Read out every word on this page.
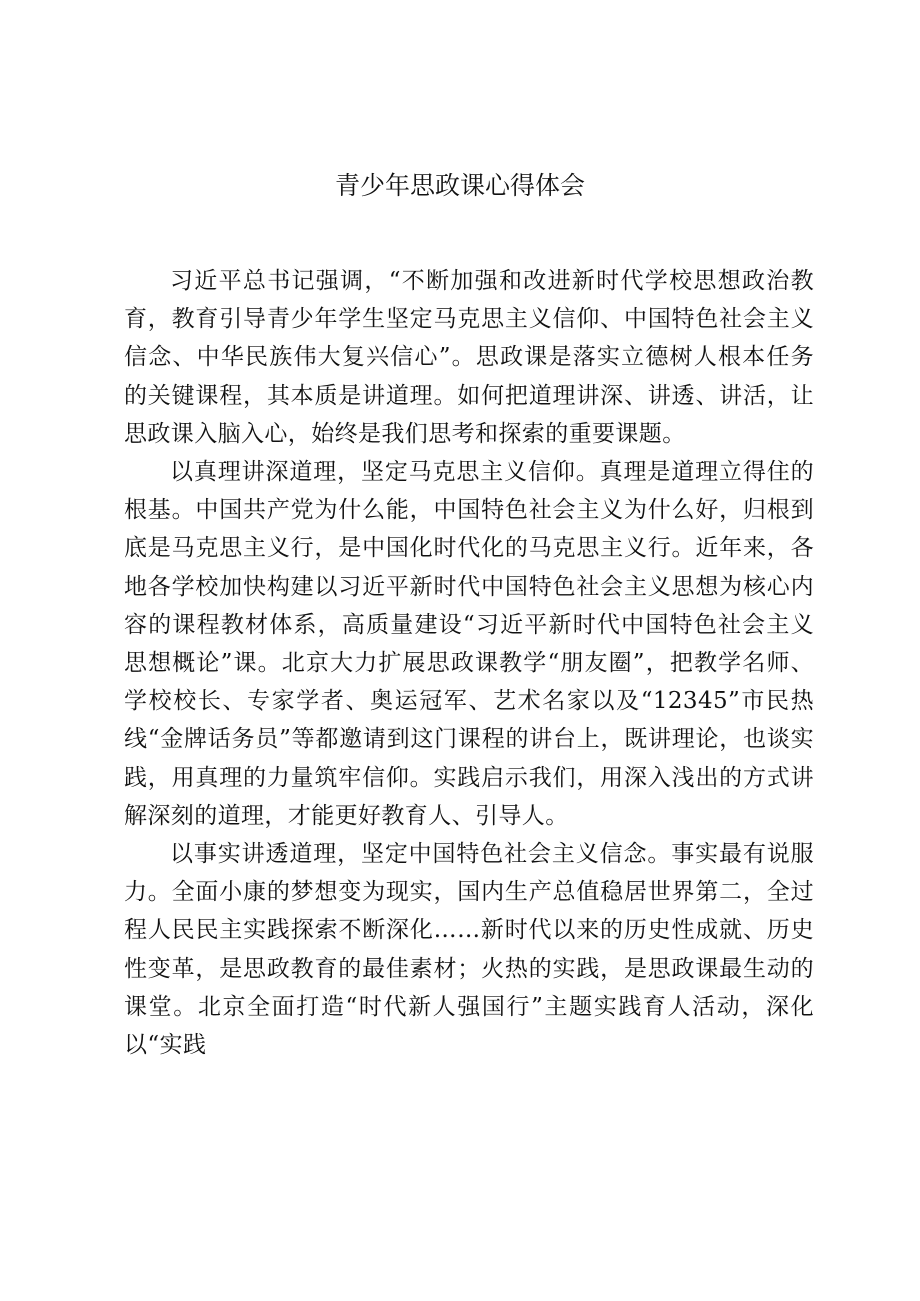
青少年思政课心得体会

习近平总书记强调，“不断加强和改进新时代学校思想政治教育，教育引导青少年学生坚定马克思主义信仰、中国特色社会主义信念、中华民族伟大复兴信心”。思政课是落实立德树人根本任务的关键课程，其本质是讲道理。如何把道理讲深、讲透、讲活，让思政课入脑入心，始终是我们思考和探索的重要课题。

以真理讲深道理，坚定马克思主义信仰。真理是道理立得住的根基。中国共产党为什么能，中国特色社会主义为什么好，归根到底是马克思主义行，是中国化时代化的马克思主义行。近年来，各地各学校加快构建以习近平新时代中国特色社会主义思想为核心内容的课程教材体系，高质量建设“习近平新时代中国特色社会主义思想概论”课。北京大力扩展思政课教学“朋友圈”，把教学名师、学校校长、专家学者、奥运冠军、艺术名家以及“12345”市民热线“金牌话务员”等都邀请到这门课程的讲台上，既讲理论，也谈实践，用真理的力量筑牢信仰。实践启示我们，用深入浅出的方式讲解深刻的道理，才能更好教育人、引导人。

以事实讲透道理，坚定中国特色社会主义信念。事实最有说服力。全面小康的梦想变为现实，国内生产总值稳居世界第二，全过程人民民主实践探索不断深化……新时代以来的历史性成就、历史性变革，是思政教育的最佳素材；火热的实践，是思政课最生动的课堂。北京全面打造“时代新人强国行”主题实践育人活动，深化以“实践
